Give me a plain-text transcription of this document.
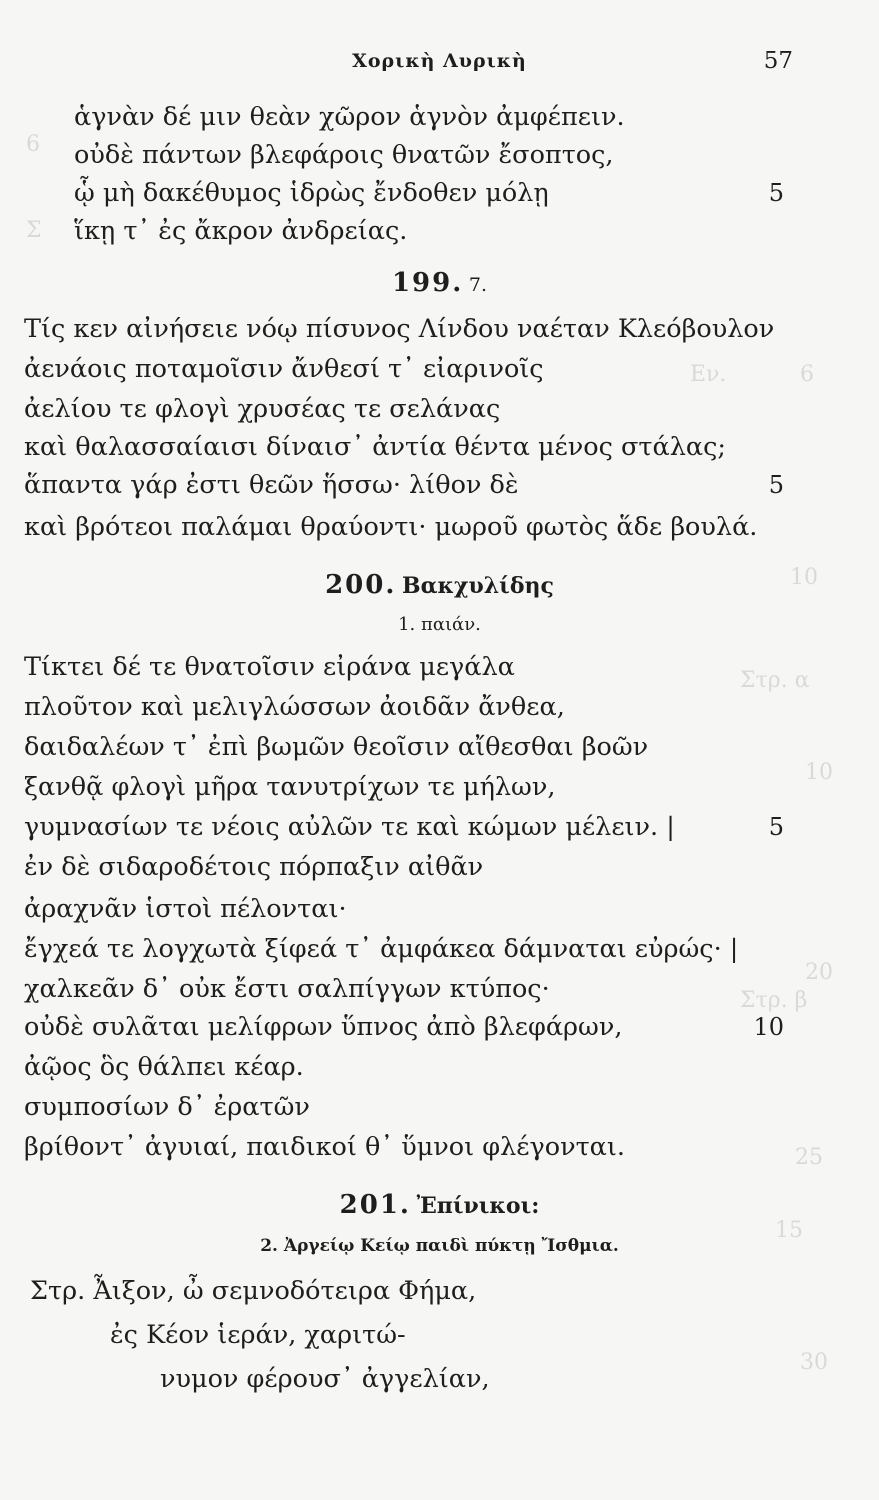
6
Σ
Εν.	6
10
Στρ. α
10
20
Στρ. β
25
15
30
Χορικὴ Λυρικὴ	57
ἁγνὰν δέ μιν θεὰν χῶρον ἁγνὸν ἀμφέπειν.
οὐδὲ πάντων βλεφάροις θνατῶν ἔσοπτος,
ᾧ μὴ δακέθυμος ἱδρὼς ἔνδοθεν μόλῃ	5
ἵκῃ τ᾽ ἐς ἄκρον ἀνδρείας.
199. 7.
Τίς κεν αἰνήσειε νόῳ πίσυνος Λίνδου ναέταν Κλεόβουλον
ἀενάοις ποταμοῖσιν ἄνθεσί τ᾽ εἰαρινοῖς
ἀελίου τε φλογὶ χρυσέας τε σελάνας
καὶ θαλασσαίαισι δίναισ᾽ ἀντία θέντα μένος στάλας;
ἅπαντα γάρ ἐστι θεῶν ἥσσω· λίθον δὲ	5
καὶ βρότεοι παλάμαι θραύοντι· μωροῦ φωτὸς ἅδε βουλά.
200. Βακχυλίδης
1. παιάν.
Τίκτει δέ τε θνατοῖσιν εἰράνα μεγάλα
πλοῦτον καὶ μελιγλώσσων ἀοιδᾶν ἄνθεα,
δαιδαλέων τ᾽ ἐπὶ βωμῶν θεοῖσιν αἴθεσθαι βοῶν
ξανθᾷ φλογὶ μῆρα τανυτρίχων τε μήλων,
γυμνασίων τε νέοις αὐλῶν τε καὶ κώμων μέλειν. |	5
ἐν δὲ σιδαροδέτοις πόρπαξιν αἰθᾶν
ἀραχνᾶν ἱστοὶ πέλονται·
ἔγχεά τε λογχωτὰ ξίφεά τ᾽ ἀμφάκεα δάμναται εὐρώς· |
χαλκεᾶν δ᾽ οὐκ ἔστι σαλπίγγων κτύπος·
οὐδὲ συλᾶται μελίφρων ὕπνος ἀπὸ βλεφάρων,	10
ἀῷος ὃς θάλπει κέαρ.
συμποσίων δ᾽ ἐρατῶν
βρίθοντ᾽ ἀγυιαί, παιδικοί θ᾽ ὕμνοι φλέγονται.
201. Ἐπίνικοι:
2. Ἀργείῳ Κείῳ παιδὶ πύκτῃ Ἴσθμια.
Στρ. Ἆιξον, ὦ σεμνοδότειρα Φήμα,
ἐς Κέον ἱεράν, χαριτώ-
νυμον φέρουσ᾽ ἀγγελίαν,
